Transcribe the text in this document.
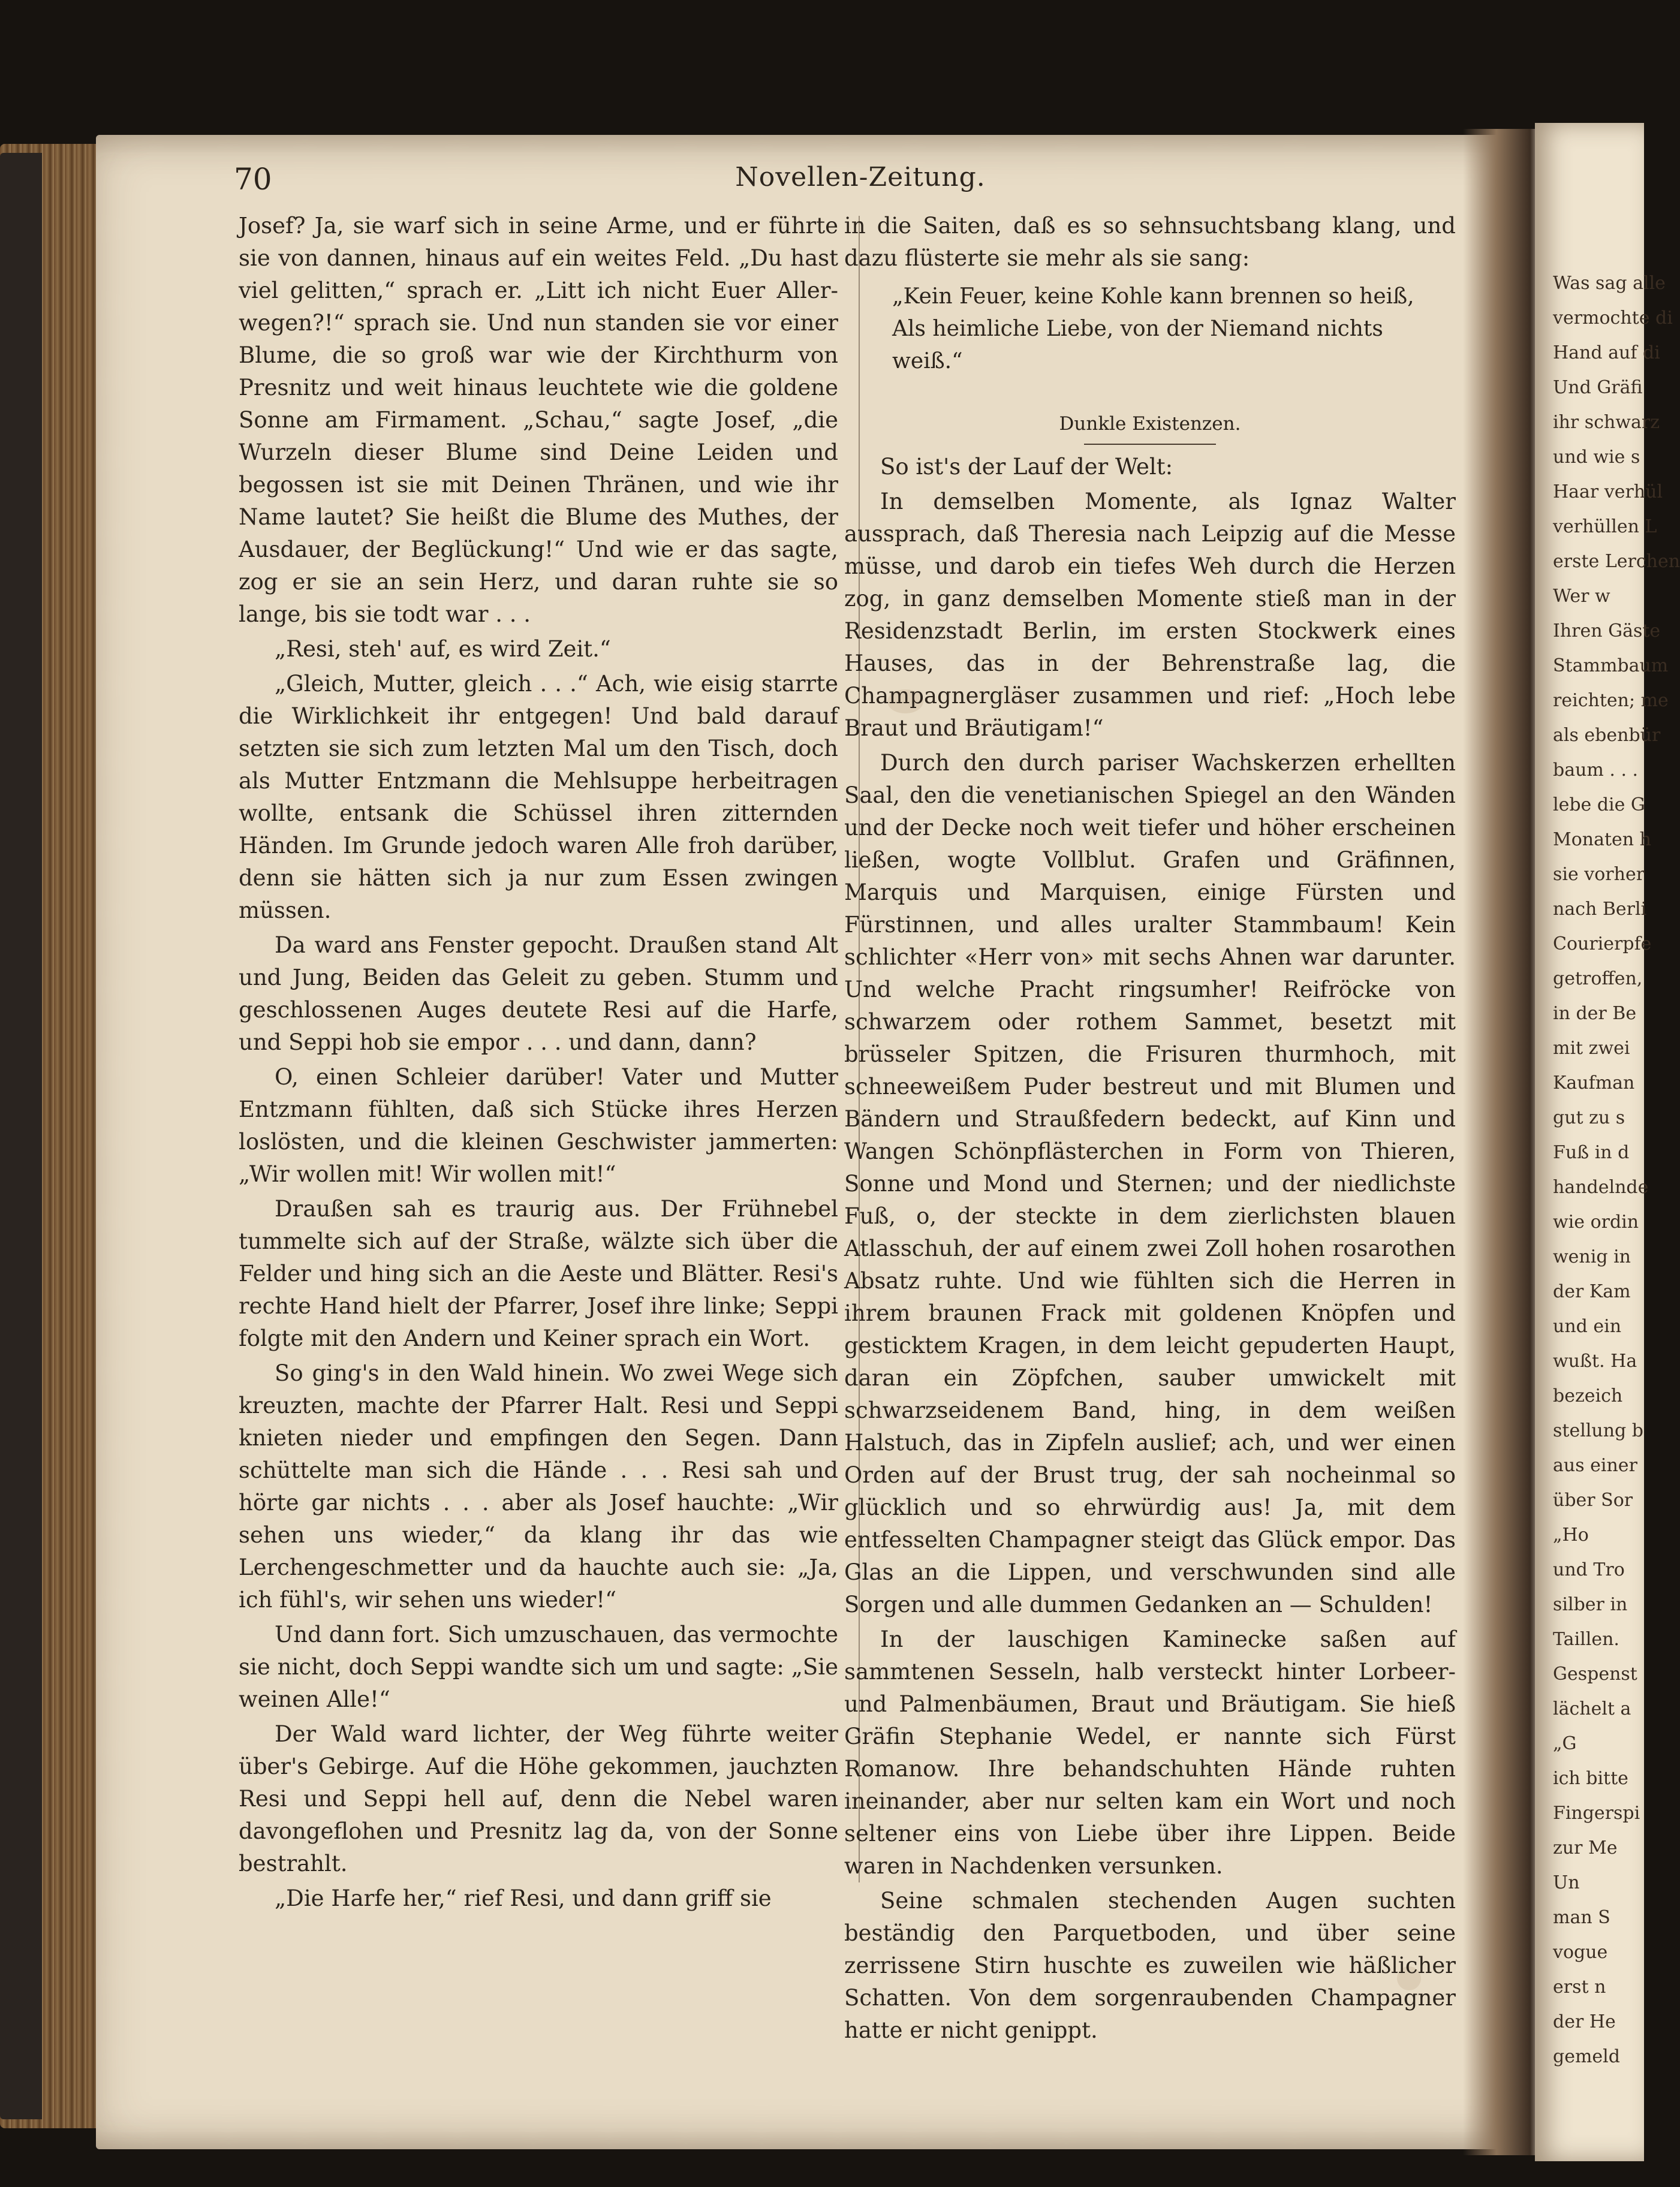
Was sag alle
vermochte di
Hand auf di
Und Gräfi
ihr schwarz
und wie s
Haar verhül
verhüllen L
erste Lerchen
Wer w
Ihren Gäste
Stammbaum
reichten; me
als ebenbür
baum . . .
lebe die G
Monaten h
sie vorher
nach Berli
Courierpfe
getroffen,
in der Be
mit zwei
Kaufman
gut zu s
Fuß in d
handelnde
wie ordin
wenig in
der Kam
und ein
wußt. Ha
bezeich
stellung b
aus einer
über Sor
„Ho
und Tro
silber in
Taillen.
Gespenst
lächelt a
„G
ich bitte
Fingerspi
zur Me
Un
man S
vogue
erst n
der He
gemeld
70	Novellen-Zeitung.

Josef? Ja, sie warf sich in seine Arme, und er führte sie von dannen, hinaus auf ein weites Feld. „Du hast viel gelitten,“ sprach er. „Litt ich nicht Euer Aller-wegen?!“ sprach sie. Und nun standen sie vor einer Blume, die so groß war wie der Kirchthurm von Presnitz und weit hinaus leuchtete wie die goldene Sonne am Firmament. „Schau,“ sagte Josef, „die Wurzeln dieser Blume sind Deine Leiden und begossen ist sie mit Deinen Thränen, und wie ihr Name lautet? Sie heißt die Blume des Muthes, der Ausdauer, der Beglückung!“ Und wie er das sagte, zog er sie an sein Herz, und daran ruhte sie so lange, bis sie todt war . . .

„Resi, steh' auf, es wird Zeit.“

„Gleich, Mutter, gleich . . .“ Ach, wie eisig starrte die Wirklichkeit ihr entgegen! Und bald darauf setzten sie sich zum letzten Mal um den Tisch, doch als Mutter Entzmann die Mehlsuppe herbeitragen wollte, entsank die Schüssel ihren zitternden Händen. Im Grunde jedoch waren Alle froh darüber, denn sie hätten sich ja nur zum Essen zwingen müssen.

Da ward ans Fenster gepocht. Draußen stand Alt und Jung, Beiden das Geleit zu geben. Stumm und geschlossenen Auges deutete Resi auf die Harfe, und Seppi hob sie empor . . . und dann, dann?

O, einen Schleier darüber! Vater und Mutter Entzmann fühlten, daß sich Stücke ihres Herzen loslösten, und die kleinen Geschwister jammerten: „Wir wollen mit! Wir wollen mit!“

Draußen sah es traurig aus. Der Frühnebel tummelte sich auf der Straße, wälzte sich über die Felder und hing sich an die Aeste und Blätter. Resi's rechte Hand hielt der Pfarrer, Josef ihre linke; Seppi folgte mit den Andern und Keiner sprach ein Wort.

So ging's in den Wald hinein. Wo zwei Wege sich kreuzten, machte der Pfarrer Halt. Resi und Seppi knieten nieder und empfingen den Segen. Dann schüttelte man sich die Hände . . . Resi sah und hörte gar nichts . . . aber als Josef hauchte: „Wir sehen uns wieder,“ da klang ihr das wie Lerchengeschmetter und da hauchte auch sie: „Ja, ich fühl's, wir sehen uns wieder!“

Und dann fort. Sich umzuschauen, das vermochte sie nicht, doch Seppi wandte sich um und sagte: „Sie weinen Alle!“

Der Wald ward lichter, der Weg führte weiter über's Gebirge. Auf die Höhe gekommen, jauchzten Resi und Seppi hell auf, denn die Nebel waren davongeflohen und Presnitz lag da, von der Sonne bestrahlt.

„Die Harfe her,“ rief Resi, und dann griff sie

in die Saiten, daß es so sehnsuchtsbang klang, und dazu flüsterte sie mehr als sie sang:

„Kein Feuer, keine Kohle kann brennen so heiß,
Als heimliche Liebe, von der Niemand nichts weiß.“
Dunkle Existenzen.

So ist's der Lauf der Welt:

In demselben Momente, als Ignaz Walter aussprach, daß Theresia nach Leipzig auf die Messe müsse, und darob ein tiefes Weh durch die Herzen zog, in ganz demselben Momente stieß man in der Residenzstadt Berlin, im ersten Stockwerk eines Hauses, das in der Behrenstraße lag, die Champagnergläser zusammen und rief: „Hoch lebe Braut und Bräutigam!“

Durch den durch pariser Wachskerzen erhellten Saal, den die venetianischen Spiegel an den Wänden und der Decke noch weit tiefer und höher erscheinen ließen, wogte Vollblut. Grafen und Gräfinnen, Marquis und Marquisen, einige Fürsten und Fürstinnen, und alles uralter Stammbaum! Kein schlichter «Herr von» mit sechs Ahnen war darunter. Und welche Pracht ringsumher! Reifröcke von schwarzem oder rothem Sammet, besetzt mit brüsseler Spitzen, die Frisuren thurmhoch, mit schneeweißem Puder bestreut und mit Blumen und Bändern und Straußfedern bedeckt, auf Kinn und Wangen Schönpflästerchen in Form von Thieren, Sonne und Mond und Sternen; und der niedlichste Fuß, o, der steckte in dem zierlichsten blauen Atlasschuh, der auf einem zwei Zoll hohen rosarothen Absatz ruhte. Und wie fühlten sich die Herren in ihrem braunen Frack mit goldenen Knöpfen und gesticktem Kragen, in dem leicht gepuderten Haupt, daran ein Zöpfchen, sauber umwickelt mit schwarzseidenem Band, hing, in dem weißen Halstuch, das in Zipfeln auslief; ach, und wer einen Orden auf der Brust trug, der sah nocheinmal so glücklich und so ehrwürdig aus! Ja, mit dem entfesselten Champagner steigt das Glück empor. Das Glas an die Lippen, und verschwunden sind alle Sorgen und alle dummen Gedanken an — Schulden!

In der lauschigen Kaminecke saßen auf sammtenen Sesseln, halb versteckt hinter Lorbeer- und Palmenbäumen, Braut und Bräutigam. Sie hieß Gräfin Stephanie Wedel, er nannte sich Fürst Romanow. Ihre behandschuhten Hände ruhten ineinander, aber nur selten kam ein Wort und noch seltener eins von Liebe über ihre Lippen. Beide waren in Nachdenken versunken.

Seine schmalen stechenden Augen suchten beständig den Parquetboden, und über seine zerrissene Stirn huschte es zuweilen wie häßlicher Schatten. Von dem sorgenraubenden Champagner hatte er nicht genippt.
